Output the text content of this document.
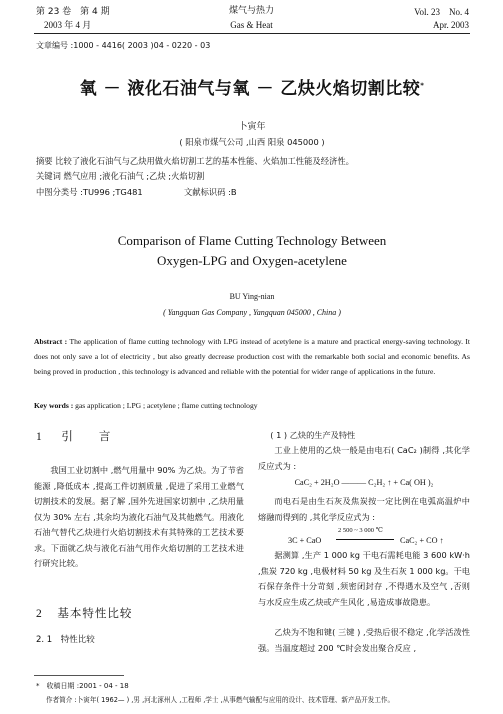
第 23 卷　第 4 期
2003 年 4 月
煤气与热力
Gas & Heat
Vol. 23　No. 4
Apr. 2003
文章编号 :1000 - 4416( 2003 )04 - 0220 - 03
氧 － 液化石油气与氧 － 乙炔火焰切割比较*
卜寅年
( 阳泉市煤气公司 ,山西 阳泉 045000 )
摘要 比较了液化石油气与乙炔用做火焰切割工艺的基本性能、火焰加工性能及经济性。
关键词 燃气应用 ;液化石油气 ;乙炔 ;火焰切割
中图分类号 :TU996 ;TG481	文献标识码 :B
Comparison of Flame Cutting Technology Between
Oxygen-LPG and Oxygen-acetylene
BU Ying-nian
( Yangquan Gas Company , Yangquan 045000 , China )
Abstract : The application of flame cutting technology with LPG instead of acetylene is a mature and practical energy-saving technology. It does not only save a lot of electricity , but also greatly decrease production cost with the remarkable both social and economic benefits. As being proved in production , this technology is advanced and reliable with the potential for wider range of applications in the future.
Key words : gas application ; LPG ; acetylene ; flame cutting technology
1 引　　言
我国工业切割中 ,燃气用量中 90% 为乙炔。为了节省能源 ,降低成本 ,提高工件切割质量 ,促进了采用工业燃气切割技术的发展。据了解 ,国外先进国家切割中 ,乙炔用量仅为 30% 左右 ,其余均为液化石油气及其他燃气。用液化石油气替代乙炔进行火焰切割技术有其特殊的工艺技术要求。下面就乙炔与液化石油气用作火焰切割的工艺技术进行研究比较。
2 基本特性比较
2. 1　特性比较
( 1 ) 乙炔的生产及特性
工业上使用的乙炔一般是由电石( CaC₂ )制得 ,其化学反应式为 :
CaC₂ + 2H₂O ——— C₂H₂ ↑ + Ca( OH )₂
而电石是由生石灰及焦炭按一定比例在电弧高温炉中熔融而得到的 ,其化学反应式为 :
3C + CaO
2 500 ~ 3 000 ℃
CaC₂ + CO ↑
据测算 ,生产 1 000 kg 干电石需耗电能 3 600 kW·h ,焦炭 720 kg ,电极材料 50 kg 及生石灰 1 000 kg。干电石保存条件十分苛刻 ,须密闭封存 ,不得遇水及空气 ,否则与水反应生成乙炔或产生风化 ,易造成事故隐患。
乙炔为不饱和键( 三键 ) ,受热后很不稳定 ,化学活泼性强。当温度超过 200 ℃时会发出聚合反应 ,
*　 收稿日期 :2001 - 04 - 18
作者简介 :卜寅年( 1962— ) ,男 ,河北涿州人 ,工程师 ,学士 ,从事燃气输配与应用的设计、技术管理、新产品开发工作。
